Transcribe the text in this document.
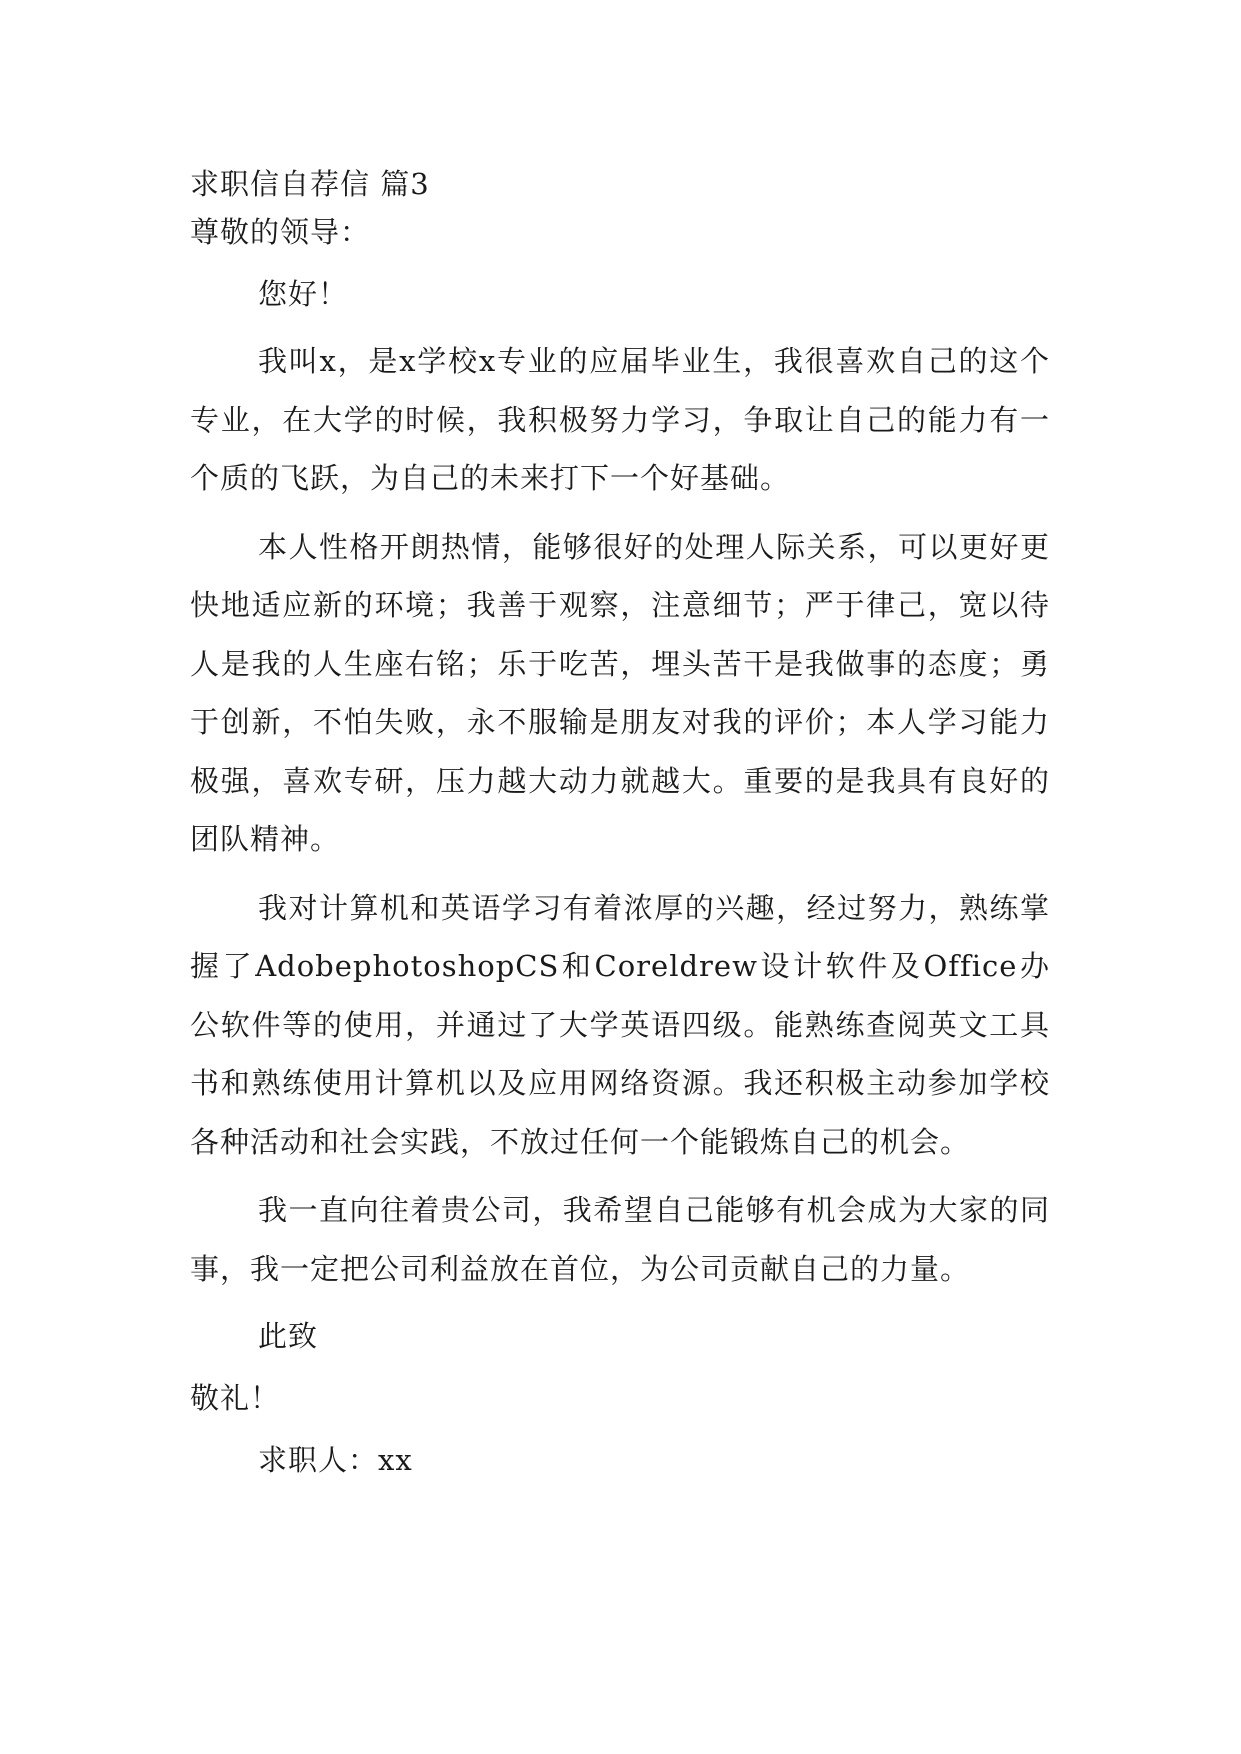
求职信自荐信 篇3

尊敬的领导：

您好！

我叫x，是x学校x专业的应届毕业生，我很喜欢自己的这个专业，在大学的时候，我积极努力学习，争取让自己的能力有一个质的飞跃，为自己的未来打下一个好基础。

本人性格开朗热情，能够很好的处理人际关系，可以更好更快地适应新的环境；我善于观察，注意细节；严于律己，宽以待人是我的人生座右铭；乐于吃苦，埋头苦干是我做事的态度；勇于创新，不怕失败，永不服输是朋友对我的评价；本人学习能力极强，喜欢专研，压力越大动力就越大。重要的是我具有良好的团队精神。

我对计算机和英语学习有着浓厚的兴趣，经过努力，熟练掌握了AdobephotoshopCS和Coreldrew设计软件及Office办公软件等的使用，并通过了大学英语四级。能熟练查阅英文工具书和熟练使用计算机以及应用网络资源。我还积极主动参加学校各种活动和社会实践，不放过任何一个能锻炼自己的机会。

我一直向往着贵公司，我希望自己能够有机会成为大家的同事，我一定把公司利益放在首位，为公司贡献自己的力量。

此致

敬礼！

求职人：xx
